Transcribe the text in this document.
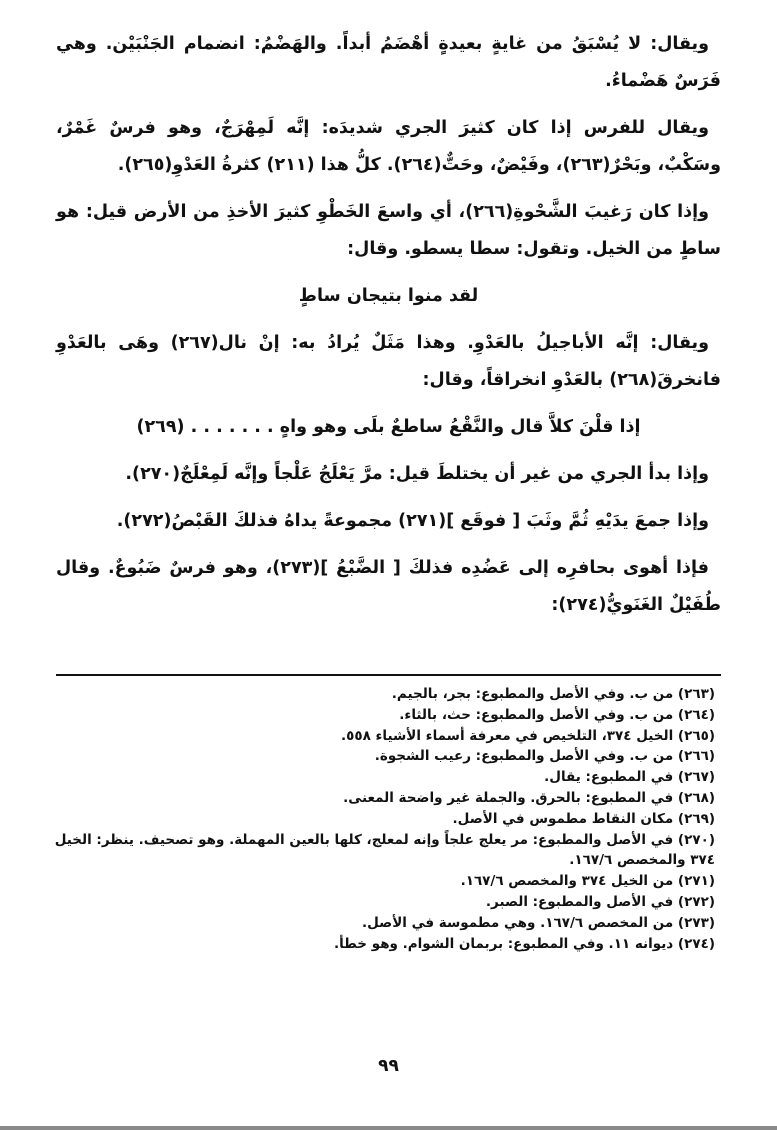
ويقال: لا يُسْبَقُ من غايةٍ بعيدةٍ أهْضَمُ أبداً. والهَضْمُ: انضمام الجَنْبَيْن. وهي فَرَسٌ هَضْماءُ.

ويقال للفرس إذا كان كثيرَ الجري شديدَه: إنَّه لَمِهْرَجٌ، وهو فرسٌ غَمْرٌ، وسَكْبٌ، وبَحْرٌ(٢٦٣)، وفَيْضٌ، وحَتٌّ(٢٦٤). كلُّ هذا (٢١١) كثرةُ العَدْوِ(٢٦٥).

وإذا كان رَغيبَ الشَّحْوةِ(٢٦٦)، أي واسعَ الخَطْوِ كثيرَ الأخذِ من الأرض قيل: هو ساطٍ من الخيل. وتقول: سطا يسطو. وقال:

لقد منوا بتيجان ساطٍ

ويقال: إنَّه الأباجيلُ بالعَدْوِ. وهذا مَثَلٌ يُرادُ به: إنْ نال(٢٦٧) وهَى بالعَدْوِ فانخرقَ(٢٦٨) بالعَدْوِ انخراقاً، وقال:

إذا قلْنَ كلاَّ قال والنَّقْعُ ساطعٌ بلَى وهو واهٍ . . . . . . . (٢٦٩)

وإذا بدأ الجري من غير أن يختلطَ قيل: مرَّ يَعْلَجُ عَلْجاً وإنَّه لَمِعْلَجٌ(٢٧٠).

وإذا جمعَ يدَيْهِ ثُمَّ وثَبَ [ فوقَع ](٢٧١) مجموعةً يداهُ فذلكَ القَبْصُ(٢٧٢).

فإذا أهوى بحافرِه إلى عَضُدِه فذلكَ [ الضَّبْعُ ](٢٧٣)، وهو فرسٌ ضَبُوعٌ. وقال طُفَيْلٌ الغَنَويُّ(٢٧٤):

(٢٦٣) من ب. وفي الأصل والمطبوع: بجر، بالجيم.

(٢٦٤) من ب. وفي الأصل والمطبوع: حث، بالثاء.

(٢٦٥) الخيل ٣٧٤، التلخيص في معرفة أسماء الأشياء ٥٥٨.

(٢٦٦) من ب. وفي الأصل والمطبوع: رعيب الشجوة.

(٢٦٧) في المطبوع: يقال.

(٢٦٨) في المطبوع: بالحرق. والجملة غير واضحة المعنى.

(٢٦٩) مكان النقاط مطموس في الأصل.

(٢٧٠) في الأصل والمطبوع: مر يعلج علجاً وإنه لمعلج، كلها بالعين المهملة. وهو تصحيف. ينظر: الخيل ٣٧٤ والمخصص ١٦٧/٦.

(٢٧١) من الخيل ٣٧٤ والمخصص ١٦٧/٦.

(٢٧٢) في الأصل والمطبوع: الصبر.

(٢٧٣) من المخصص ١٦٧/٦. وهي مطموسة في الأصل.

(٢٧٤) ديوانه ١١. وفي المطبوع: بربمان الشوام. وهو خطأ.

٩٩
